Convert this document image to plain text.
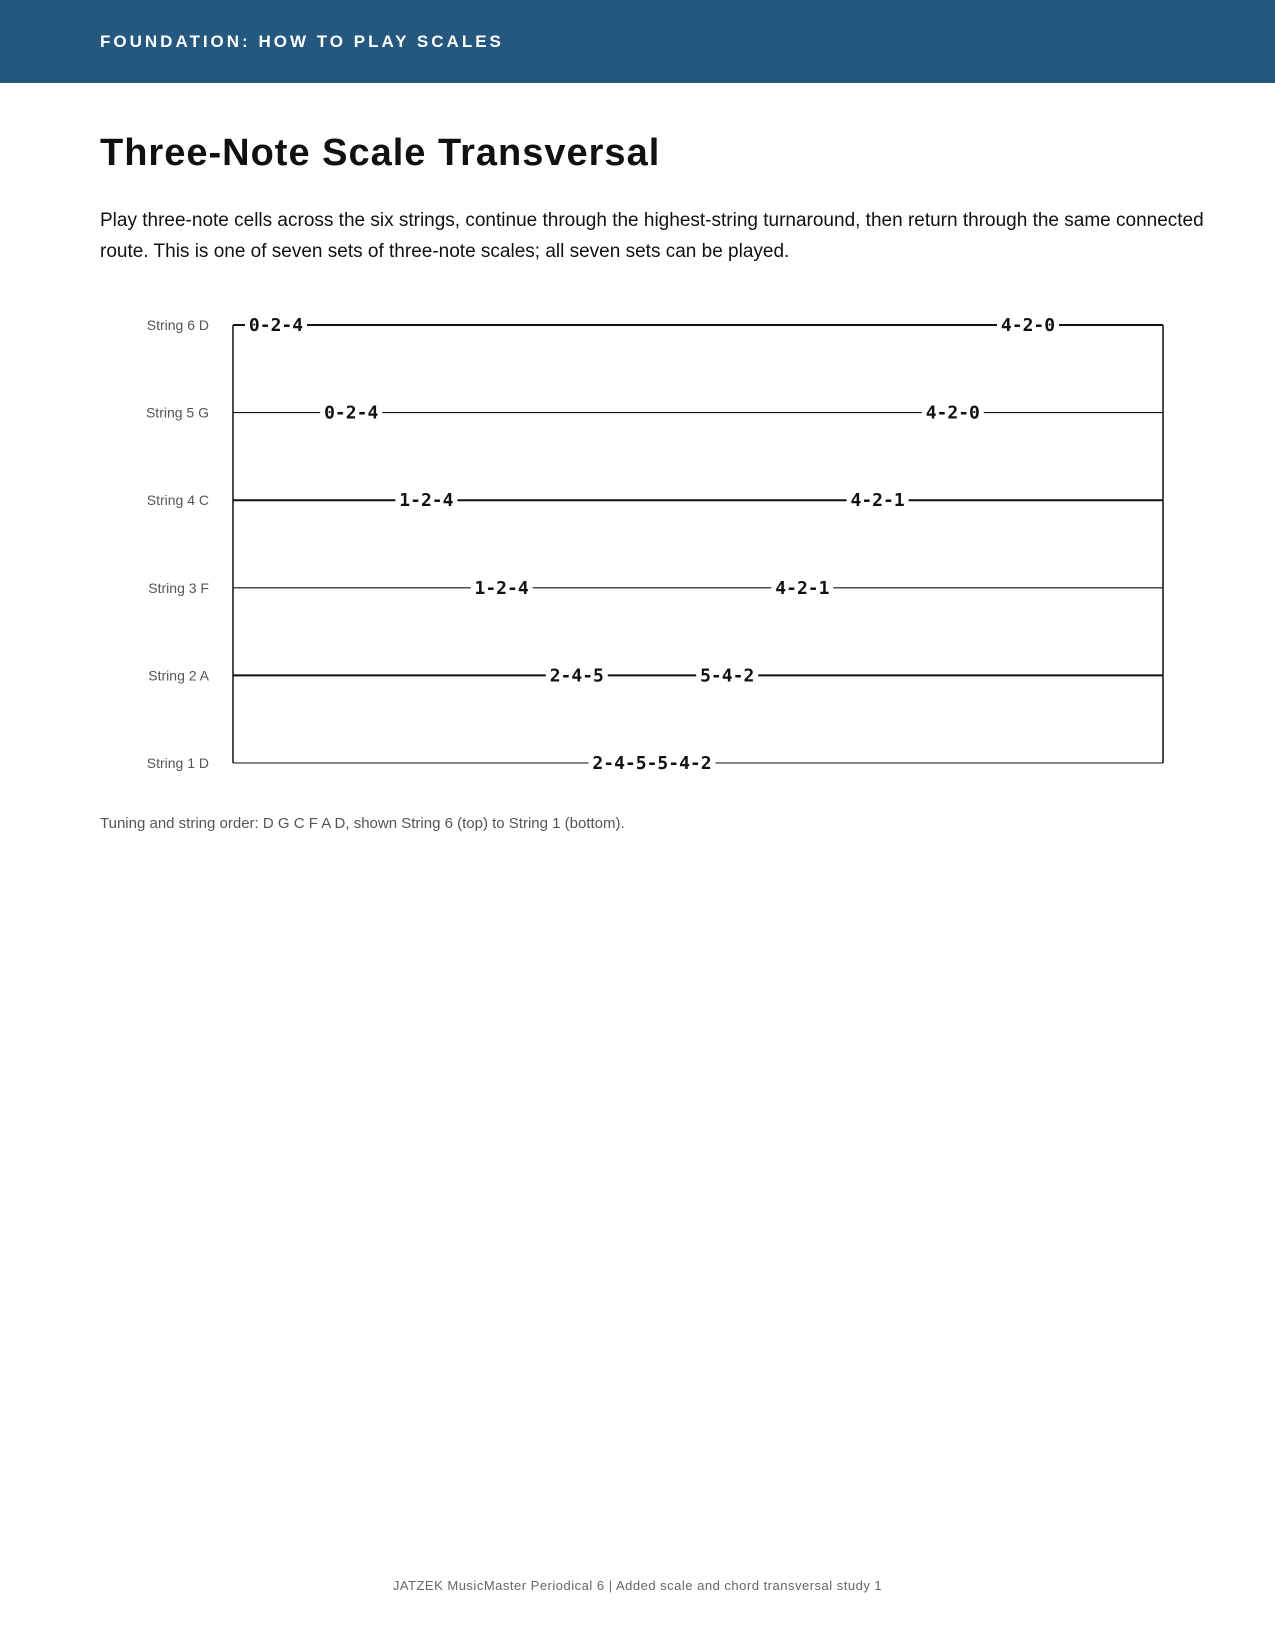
FOUNDATION: HOW TO PLAY SCALES
Three-Note Scale Transversal

Play three-note cells across the six strings, continue through the highest-string turnaround, then return through the same connected route. This is one of seven sets of three-note scales; all seven sets can be played.

String 6 D 0-2-4	4-2-0
String 5 G	0-2-4	4-2-0
String 4 C	1-2-4	4-2-1
String 3 F	1-2-4	4-2-1
String 2 A	2-4-5	5-4-2
String 1 D	2-4-5-5-4-2

Tuning and string order: D G C F A D, shown String 6 (top) to String 1 (bottom).

JATZEK MusicMaster Periodical 6 | Added scale and chord transversal study 1
